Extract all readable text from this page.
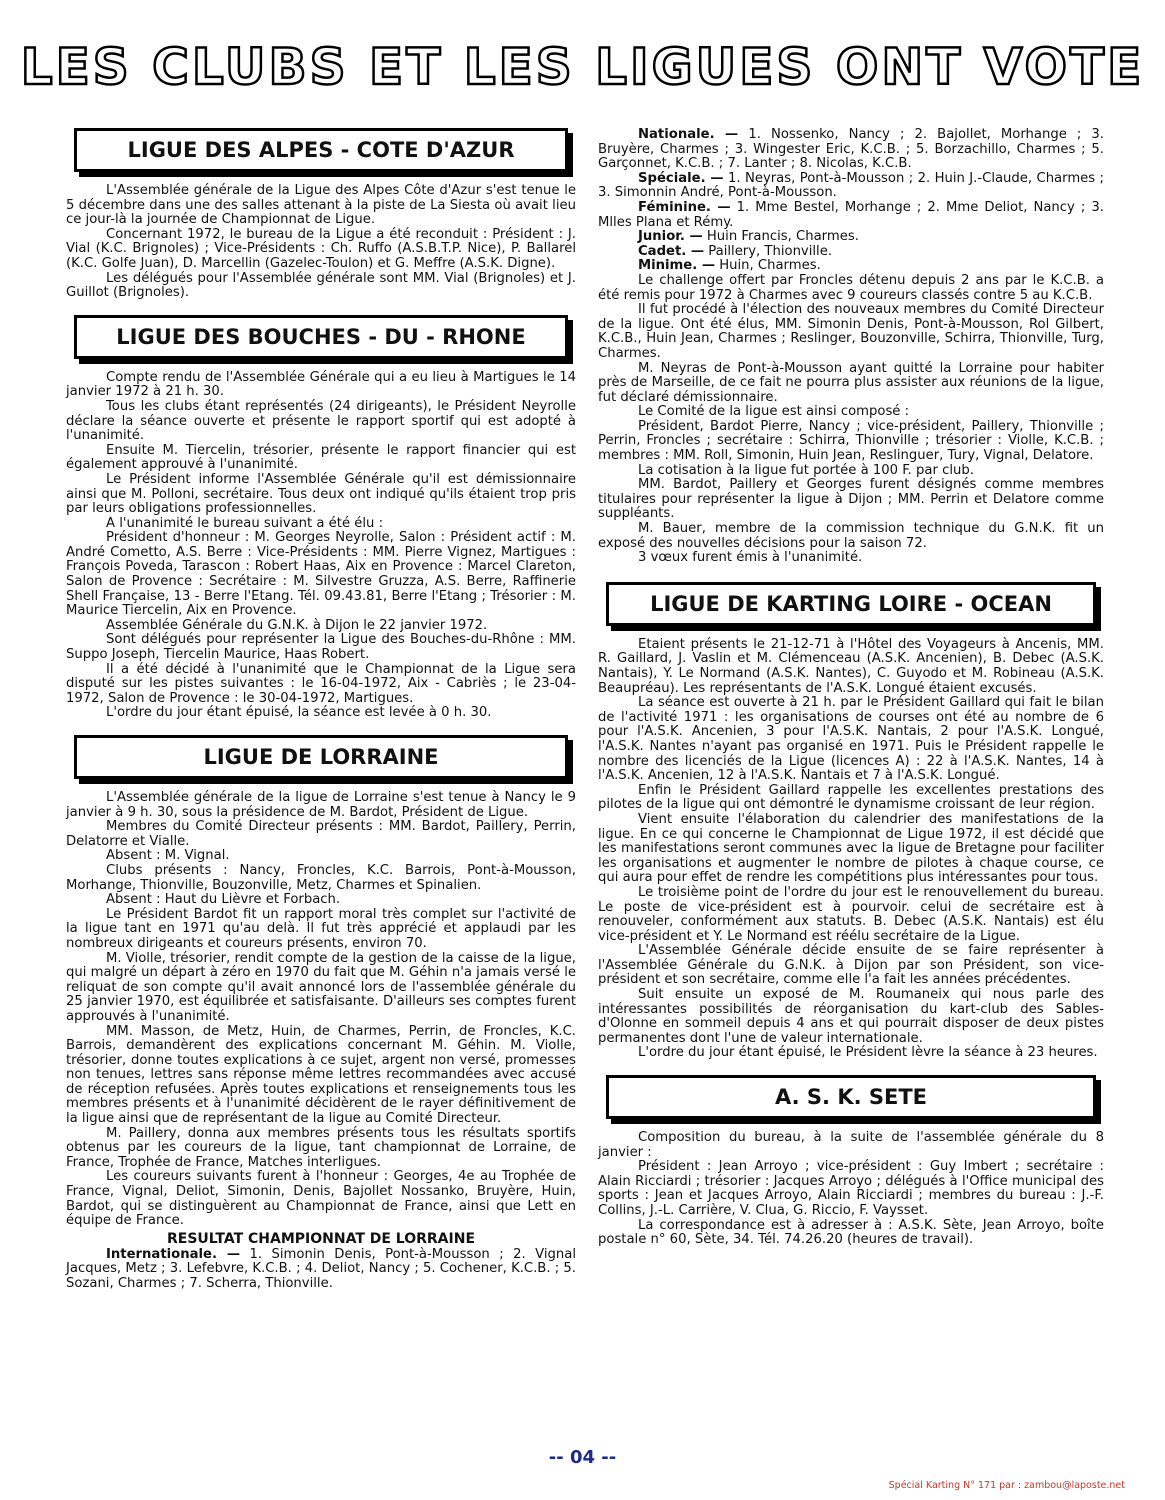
LES CLUBS ET LES LIGUES ONT VOTE
LIGUE DES ALPES - COTE D'AZUR

L'Assemblée générale de la Ligue des Alpes Côte d'Azur s'est tenue le 5 décembre dans une des salles attenant à la piste de La Siesta où avait lieu ce jour-là la journée de Championnat de Ligue.

Concernant 1972, le bureau de la Ligue a été reconduit : Président : J. Vial (K.C. Brignoles) ; Vice-Présidents : Ch. Ruffo (A.S.B.T.P. Nice), P. Ballarel (K.C. Golfe Juan), D. Marcellin (Gazelec-Toulon) et G. Meffre (A.S.K. Digne).

Les délégués pour l'Assemblée générale sont MM. Vial (Brignoles) et J. Guillot (Brignoles).

LIGUE DES BOUCHES - DU - RHONE

Compte rendu de l'Assemblée Générale qui a eu lieu à Martigues le 14 janvier 1972 à 21 h. 30.

Tous les clubs étant représentés (24 dirigeants), le Président Neyrolle déclare la séance ouverte et présente le rapport sportif qui est adopté à l'unanimité.

Ensuite M. Tiercelin, trésorier, présente le rapport financier qui est également approuvé à l'unanimité.

Le Président informe l'Assemblée Générale qu'il est démissionnaire ainsi que M. Polloni, secrétaire. Tous deux ont indiqué qu'ils étaient trop pris par leurs obligations professionnelles.

A l'unanimité le bureau suivant a été élu :

Président d'honneur : M. Georges Neyrolle, Salon : Président actif : M. André Cometto, A.S. Berre : Vice-Présidents : MM. Pierre Vignez, Martigues : François Poveda, Tarascon : Robert Haas, Aix en Provence : Marcel Clareton, Salon de Provence : Secrétaire : M. Silvestre Gruzza, A.S. Berre, Raffinerie Shell Française, 13 - Berre l'Etang. Tél. 09.43.81, Berre l'Etang ; Trésorier : M. Maurice Tiercelin, Aix en Provence.

Assemblée Générale du G.N.K. à Dijon le 22 janvier 1972.

Sont délégués pour représenter la Ligue des Bouches-du-Rhône : MM. Suppo Joseph, Tiercelin Maurice, Haas Robert.

Il a été décidé à l'unanimité que le Championnat de la Ligue sera disputé sur les pistes suivantes : le 16-04-1972, Aix - Cabriès ; le 23-04-1972, Salon de Provence : le 30-04-1972, Martigues.

L'ordre du jour étant épuisé, la séance est levée à 0 h. 30.

LIGUE DE LORRAINE

L'Assemblée générale de la ligue de Lorraine s'est tenue à Nancy le 9 janvier à 9 h. 30, sous la présidence de M. Bardot, Président de Ligue.

Membres du Comité Directeur présents : MM. Bardot, Paillery, Perrin, Delatorre et Vialle.

Absent : M. Vignal.

Clubs présents : Nancy, Froncles, K.C. Barrois, Pont-à-Mousson, Morhange, Thionville, Bouzonville, Metz, Charmes et Spinalien.

Absent : Haut du Lièvre et Forbach.

Le Président Bardot fit un rapport moral très complet sur l'activité de la ligue tant en 1971 qu'au delà. Il fut très apprécié et applaudi par les nombreux dirigeants et coureurs présents, environ 70.

M. Violle, trésorier, rendit compte de la gestion de la caisse de la ligue, qui malgré un départ à zéro en 1970 du fait que M. Géhin n'a jamais versé le reliquat de son compte qu'il avait annoncé lors de l'assemblée générale du 25 janvier 1970, est équilibrée et satisfaisante. D'ailleurs ses comptes furent approuvés à l'unanimité.

MM. Masson, de Metz, Huin, de Charmes, Perrin, de Froncles, K.C. Barrois, demandèrent des explications concernant M. Géhin. M. Violle, trésorier, donne toutes explications à ce sujet, argent non versé, promesses non tenues, lettres sans réponse même lettres recommandées avec accusé de réception refusées. Après toutes explications et renseignements tous les membres présents et à l'unanimité décidèrent de le rayer définitivement de la ligue ainsi que de représentant de la ligue au Comité Directeur.

M. Paillery, donna aux membres présents tous les résultats sportifs obtenus par les coureurs de la ligue, tant championnat de Lorraine, de France, Trophée de France, Matches interligues.

Les coureurs suivants furent à l'honneur : Georges, 4e au Trophée de France, Vignal, Deliot, Simonin, Denis, Bajollet Nossanko, Bruyère, Huin, Bardot, qui se distinguèrent au Championnat de France, ainsi que Lett en équipe de France.

RESULTAT CHAMPIONNAT DE LORRAINE

Internationale. — 1. Simonin Denis, Pont-à-Mousson ; 2. Vignal Jacques, Metz ; 3. Lefebvre, K.C.B. ; 4. Deliot, Nancy ; 5. Cochener, K.C.B. ; 5. Sozani, Charmes ; 7. Scherra, Thionville.

Nationale. — 1. Nossenko, Nancy ; 2. Bajollet, Morhange ; 3. Bruyère, Charmes ; 3. Wingester Eric, K.C.B. ; 5. Borzachillo, Charmes ; 5. Garçonnet, K.C.B. ; 7. Lanter ; 8. Nicolas, K.C.B.

Spéciale. — 1. Neyras, Pont-à-Mousson ; 2. Huin J.-Claude, Charmes ; 3. Simonnin André, Pont-à-Mousson.

Féminine. — 1. Mme Bestel, Morhange ; 2. Mme Deliot, Nancy ; 3. Mlles Plana et Rémy.

Junior. — Huin Francis, Charmes.

Cadet. — Paillery, Thionville.

Minime. — Huin, Charmes.

Le challenge offert par Froncles détenu depuis 2 ans par le K.C.B. a été remis pour 1972 à Charmes avec 9 coureurs classés contre 5 au K.C.B.

Il fut procédé à l'élection des nouveaux membres du Comité Directeur de la ligue. Ont été élus, MM. Simonin Denis, Pont-à-Mousson, Rol Gilbert, K.C.B., Huin Jean, Charmes ; Reslinger, Bouzonville, Schirra, Thionville, Turg, Charmes.

M. Neyras de Pont-à-Mousson ayant quitté la Lorraine pour habiter près de Marseille, de ce fait ne pourra plus assister aux réunions de la ligue, fut déclaré démissionnaire.

Le Comité de la ligue est ainsi composé :

Président, Bardot Pierre, Nancy ; vice-président, Paillery, Thionville ; Perrin, Froncles ; secrétaire : Schirra, Thionville ; trésorier : Violle, K.C.B. ; membres : MM. Roll, Simonin, Huin Jean, Reslinguer, Tury, Vignal, Delatore.

La cotisation à la ligue fut portée à 100 F. par club.

MM. Bardot, Paillery et Georges furent désignés comme membres titulaires pour représenter la ligue à Dijon ; MM. Perrin et Delatore comme suppléants.

M. Bauer, membre de la commission technique du G.N.K. fit un exposé des nouvelles décisions pour la saison 72.

3 vœux furent émis à l'unanimité.

LIGUE DE KARTING LOIRE - OCEAN

Etaient présents le 21-12-71 à l'Hôtel des Voyageurs à Ancenis, MM. R. Gaillard, J. Vaslin et M. Clémenceau (A.S.K. Ancenien), B. Debec (A.S.K. Nantais), Y. Le Normand (A.S.K. Nantes), C. Guyodo et M. Robineau (A.S.K. Beaupréau). Les représentants de l'A.S.K. Longué étaient excusés.

La séance est ouverte à 21 h. par le Président Gaillard qui fait le bilan de l'activité 1971 : les organisations de courses ont été au nombre de 6 pour l'A.S.K. Ancenien, 3 pour l'A.S.K. Nantais, 2 pour l'A.S.K. Longué, l'A.S.K. Nantes n'ayant pas organisé en 1971. Puis le Président rappelle le nombre des licenciés de la Ligue (licences A) : 22 à l'A.S.K. Nantes, 14 à l'A.S.K. Ancenien, 12 à l'A.S.K. Nantais et 7 à l'A.S.K. Longué.

Enfin le Président Gaillard rappelle les excellentes prestations des pilotes de la ligue qui ont démontré le dynamisme croissant de leur région.

Vient ensuite l'élaboration du calendrier des manifestations de la ligue. En ce qui concerne le Championnat de Ligue 1972, il est décidé que les manifestations seront communes avec la ligue de Bretagne pour faciliter les organisations et augmenter le nombre de pilotes à chaque course, ce qui aura pour effet de rendre les compétitions plus intéressantes pour tous.

Le troisième point de l'ordre du jour est le renouvellement du bureau. Le poste de vice-président est à pourvoir. celui de secrétaire est à renouveler, conformément aux statuts. B. Debec (A.S.K. Nantais) est élu vice-président et Y. Le Normand est réélu secrétaire de la Ligue.

L'Assemblée Générale décide ensuite de se faire représenter à l'Assemblée Générale du G.N.K. à Dijon par son Président, son vice-président et son secrétaire, comme elle l'a fait les années précédentes.

Suit ensuite un exposé de M. Roumaneix qui nous parle des intéressantes possibilités de réorganisation du kart-club des Sables-d'Olonne en sommeil depuis 4 ans et qui pourrait disposer de deux pistes permanentes dont l'une de valeur internationale.

L'ordre du jour étant épuisé, le Président lèvre la séance à 23 heures.

A. S. K. SETE

Composition du bureau, à la suite de l'assemblée générale du 8 janvier :

Président : Jean Arroyo ; vice-président : Guy Imbert ; secrétaire : Alain Ricciardi ; trésorier : Jacques Arroyo ; délégués à l'Office municipal des sports : Jean et Jacques Arroyo, Alain Ricciardi ; membres du bureau : J.-F. Collins, J.-L. Carrière, V. Clua, G. Riccio, F. Vaysset.

La correspondance est à adresser à : A.S.K. Sète, Jean Arroyo, boîte postale n° 60, Sète, 34. Tél. 74.26.20 (heures de travail).

-- 04 --
Spécial Karting N° 171 par : zambou@laposte.net
